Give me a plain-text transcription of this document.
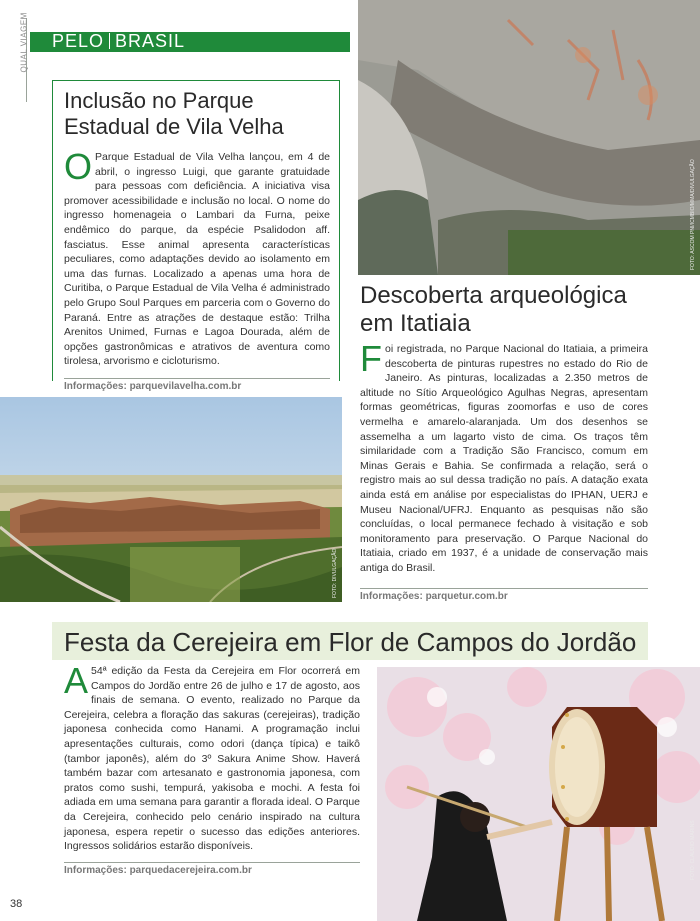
QUAL VIAGEM PELO BRASIL
Inclusão no Parque
Estadual de Vila Velha
O Parque Estadual de Vila Velha lançou, em 4 de abril, o ingresso Luigi, que garante gratuidade para pessoas com deficiência. A iniciativa visa promover acessibilidade e inclusão no local. O nome do ingresso homenageia o Lambari da Furna, peixe endêmico do parque, da espécie Psalidodon aff. fasciatus. Esse animal apresenta características peculiares, como adaptações devido ao isolamento em uma das furnas. Localizado a apenas uma hora de Curitiba, o Parque Estadual de Vila Velha é administrado pelo Grupo Soul Parques em parceria com o Governo do Paraná. Entre as atrações de destaque estão: Trilha Arenitos Unimed, Furnas e Lagoa Dourada, além de opções gastronômicas e atrativos de aventura como tirolesa, arvorismo e cicloturismo.
Informações: parquevilavelha.com.br
FOTO: DIVULGAÇÃO
FOTO: ASCOM PNI/ICMBIO/MMA/DIVULGAÇÃO
Descoberta arqueológica
em Itatiaia
Foi registrada, no Parque Nacional do Itatiaia, a primeira descoberta de pinturas rupestres no estado do Rio de Janeiro. As pinturas, localizadas a 2.350 metros de altitude no Sítio Arqueológico Agulhas Negras, apresentam formas geométricas, figuras zoomorfas e uso de cores vermelha e amarelo-alaranjada. Um dos desenhos se assemelha a um lagarto visto de cima. Os traços têm similaridade com a Tradição São Francisco, comum em Minas Gerais e Bahia. Se confirmada a relação, será o registro mais ao sul dessa tradição no país. A datação exata ainda está em análise por especialistas do IPHAN, UERJ e Museu Nacional/UFRJ. Enquanto as pesquisas não são concluídas, o local permanece fechado à visitação e sob monitoramento para preservação. O Parque Nacional do Itatiaia, criado em 1937, é a unidade de conservação mais antiga do Brasil.
Informações: parquetur.com.br
Festa da Cerejeira em Flor de Campos do Jordão
A 54ª edição da Festa da Cerejeira em Flor ocorrerá em Campos do Jordão entre 26 de julho e 17 de agosto, aos finais de semana. O evento, realizado no Parque da Cerejeira, celebra a floração das sakuras (cerejeiras), tradição japonesa conhecida como Hanami. A programação inclui apresentações culturais, como odori (dança típica) e taikô (tambor japonês), além do 3º Sakura Anime Show. Haverá também bazar com artesanato e gastronomia japonesa, com pratos como sushi, tempurá, yakisoba e mochi. A festa foi adiada em uma semana para garantir a florada ideal. O Parque da Cerejeira, conhecido pelo cenário inspirado na cultura japonesa, espera repetir o sucesso das edições anteriores. Ingressos solidários estarão disponíveis.
Informações: parquedacerejeira.com.br	FOTO: CLAUDIO MARINS
38
